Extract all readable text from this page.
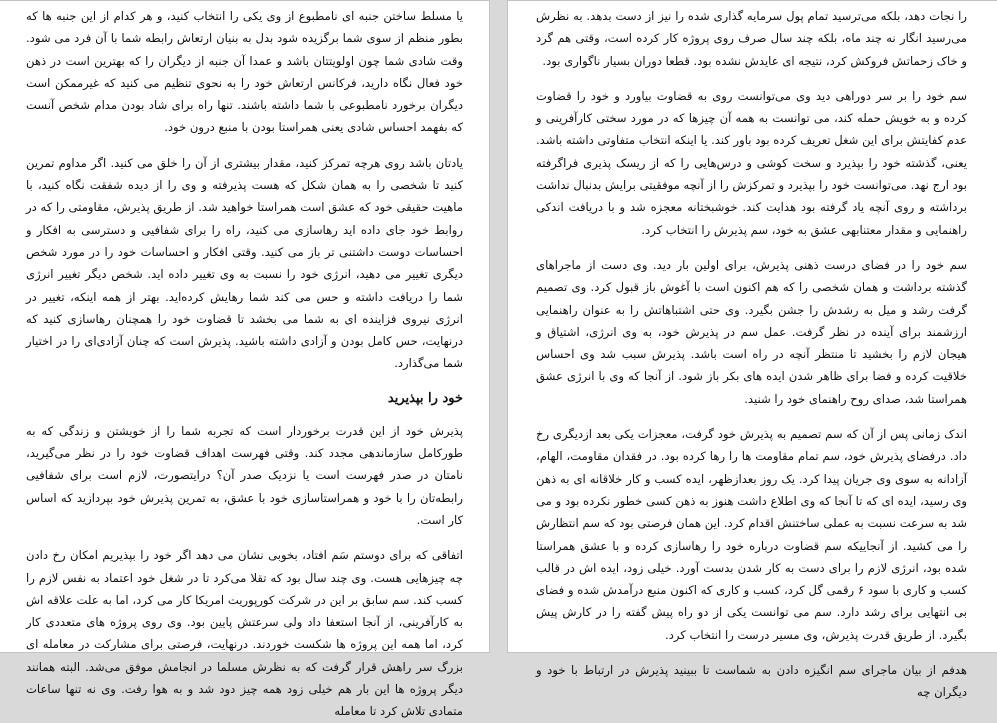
یا مسلط ساختن جنبه ای نامطبوع از وی یکی را انتخاب کنید، و هر کدام از این جنبه ها که بطور منظم از سوی شما برگزیده شود بدل به بنیان ارتعاش رابطه شما با آن فرد می شود. وقت شادی شما چون اولویتتان باشد و عمدا آن جنبه از دیگران را که بهترین است در ذهن خود فعال نگاه دارید، فرکانس ارتعاش خود را به نحوی تنظیم می کنید که غیرممکن است دیگران برخورد نامطبوعی با شما داشته باشند. تنها راه برای شاد بودن مدام شخص آنست که بفهمد احساس شادی یعنی همراستا بودن با منبع درون خود.

یادتان باشد روی هرچه تمرکز کنید، مقدار بیشتری از آن را خلق می کنید. اگر مداوم تمرین کنید تا شخصی را به همان شکل که هست پذیرفته و وی را از دیده شفقت نگاه کنید، با ماهیت حقیقی خود که عشق است همراستا خواهید شد. از طریق پذیرش، مقاومتی را که در روابط خود جای داده اید رهاسازی می کنید، راه را برای شفافیی و دسترسی به افکار و احساسات دوست داشتنی تر باز می کنید. وقتی افکار و احساسات خود را در مورد شخص دیگری تغییر می دهید، انرژی خود را نسبت به وی تغییر داده اید. شخص دیگر تغییر انرژی شما را دریافت داشته و حس می کند شما رهایش کرده‌اید. بهتر از همه اینکه، تغییر در انرژی نیروی فزاینده ای به شما می بخشد تا قضاوت خود را همچنان رهاسازی کنید که درنهایت، حس کامل بودن و آزادی داشته باشید. پذیرش است که چنان آزادی‌ای را در اختیار شما می‌گذارد.

خود را بپذیرید

پذیرش خود از این قدرت برخوردار است که تجربه شما را از خویشتن و زندگی که به طورکامل سازماندهی مجدد کند. وقتی فهرست اهداف قضاوت خود را در نظر می‌گیرید، نامتان در صدر فهرست است یا نزدیک صدر آن؟ درایتصورت، لازم است برای شفافیی رابطه‌تان را با خود و همراستاسازی خود با عشق، به تمرین پذیرش خود بپردازید که اساس کار است.

اتفاقی که برای دوستم سَم افتاد، بخوبی نشان می دهد اگر خود را بپذیریم امکان رخ دادن چه چیزهایی هست. وی چند سال بود که تقلا می‌کرد تا در شغل خود اعتماد به نفس لازم را کسب کند. سم سابق بر این در شرکت کورپوریت امریکا کار می کرد، اما به علت علاقه اش به کارآفرینی، از آنجا استعفا داد ولی سرعتش پایین بود. وی روی پروژه های متعددی کار کرد، اما همه این پروژه ها شکست خوردند. درنهایت، فرصتی برای مشارکت در معامله ای بزرگ سر راهش قرار گرفت که به نظرش مسلما در انجامش موفق می‌شد. البته همانند دیگر پروژه ها این بار هم خیلی زود همه چیز دود شد و به هوا رفت. وی نه تنها ساعات متمادی تلاش کرد تا معامله

را نجات دهد، بلکه می‌ترسید تمام پول سرمایه گذاری شده را نیز از دست بدهد. به نظرش می‌رسید انگار نه چند ماه، بلکه چند سال صرف روی پروژه کار کرده است، وقتی هم گرد و خاک زحماتش فروکش کرد، نتیجه ای عایدش نشده بود. قطعا دوران بسیار ناگواری بود.

سم خود را بر سر دوراهی دید وی می‌توانست روی به قضاوت بیاورد و خود را قضاوت کرده و به خویش حمله کند، می توانست به همه آن چیزها که در مورد سختی کارآفرینی و عدم کفایتش برای این شغل تعریف کرده بود باور کند. یا اینکه انتخاب متفاوتی داشته باشد. یعنی، گذشته خود را بپذیرد و سخت کوشی و درس‌هایی را که از ریسک پذیری فراگرفته بود ارج نهد. می‌توانست خود را بپذیرد و تمرکزش را از آنچه موفقیتی برایش بدنبال نداشت برداشته و روی آنچه یاد گرفته بود هدایت کند. خوشبختانه معجزه شد و با دریافت اندکی راهنمایی و مقدار معتنابهی عشق به خود، سم پذیرش را انتخاب کرد.

سم خود را در فضای درست ذهنی پذیرش، برای اولین بار دید. وی دست از ماجراهای گذشته برداشت و همان شخصی را که هم اکنون است با آغوش باز قبول کرد. وی تصمیم گرفت رشد و میل به رشدش را جشن بگیرد. وی حتی اشتباهاتش را به عنوان راهنمایی ارزشمند برای آینده در نظر گرفت. عمل سم در پذیرش خود، به وی انرژی، اشتیاق و هیجان لازم را بخشید تا منتظر آنچه در راه است باشد. پذیرش سبب شد وی احساس خلاقیت کرده و فضا برای ظاهر شدن ایده های بکر باز شود. از آنجا که وی با انرژی عشق همراستا شد، صدای روح راهنمای خود را شنید.

اندک زمانی پس از آن که سم تصمیم به پذیرش خود گرفت، معجزات یکی بعد ازدیگری رخ داد. درفضای پذیرش خود، سم تمام مقاومت ها را رها کرده بود. در فقدان مقاومت، الهام، آزادانه به سوی وی جریان پیدا کرد. یک روز بعدازظهر، ایده کسب و کار خلاقانه ای به ذهن وی رسید، ایده ای که تا آنجا که وی اطلاع داشت هنوز به ذهن کسی خطور نکرده بود و می شد به سرعت نسبت به عملی ساختنش اقدام کرد. این همان فرصتی بود که سم انتظارش را می کشید. از آنجاییکه سم قضاوت درباره خود را رهاسازی کرده و با عشق همراستا شده بود، انرژی لازم را برای دست به کار شدن بدست آورد. خیلی زود، ایده اش در قالب کسب و کاری با سود ۶ رقمی گل کرد، کسب و کاری که اکنون منبع درآمدش شده و فضای بی انتهایی برای رشد دارد. سم می توانست یکی از دو راه پیش گفته را در کارش پیش بگیرد. از طریق قدرت پذیرش، وی مسیر درست را انتخاب کرد.

هدفم از بیان ماجرای سم انگیزه دادن به شماست تا ببینید پذیرش در ارتباط با خود و دیگران چه
